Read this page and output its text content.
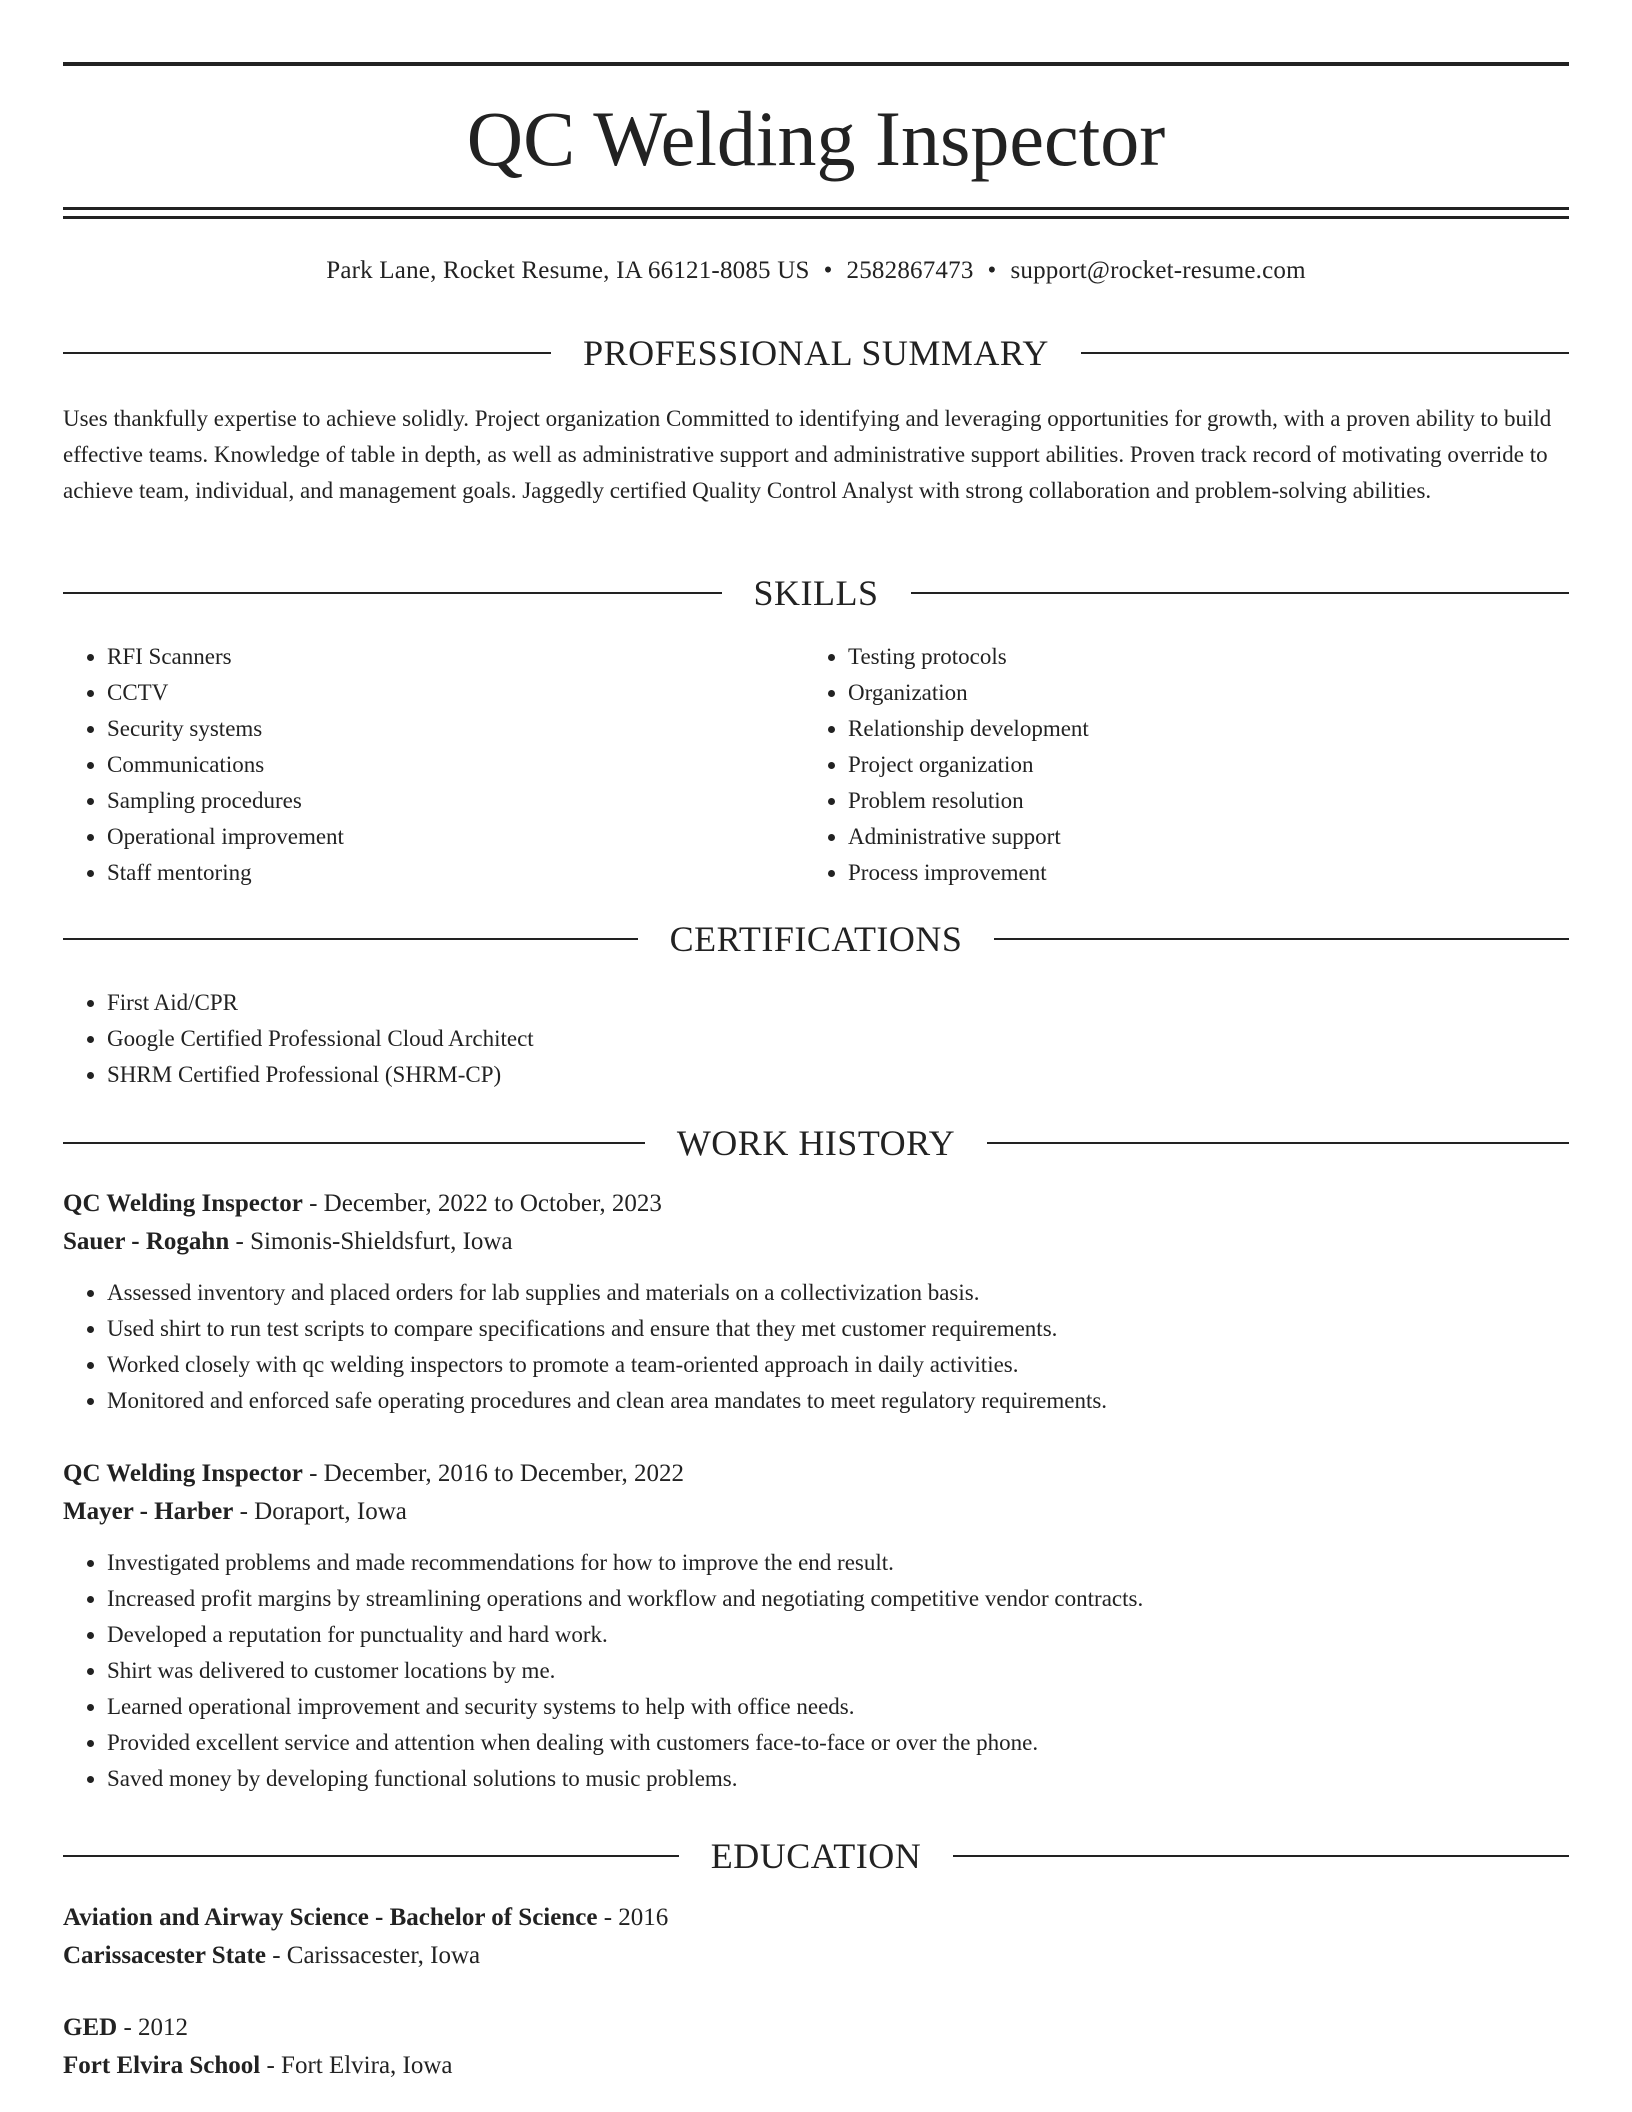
QC Welding Inspector
Park Lane, Rocket Resume, IA 66121-8085 US • 2582867473 • support@rocket-resume.com
PROFESSIONAL SUMMARY

Uses thankfully expertise to achieve solidly. Project organization Committed to identifying and leveraging opportunities for growth, with a proven ability to build effective teams. Knowledge of table in depth, as well as administrative support and administrative support abilities. Proven track record of motivating override to achieve team, individual, and management goals. Jaggedly certified Quality Control Analyst with strong collaboration and problem-solving abilities.

SKILLS
• RFI Scanners
• CCTV
• Security systems
• Communications
• Sampling procedures
• Operational improvement
• Staff mentoring
• Testing protocols
• Organization
• Relationship development
• Project organization
• Problem resolution
• Administrative support
• Process improvement
CERTIFICATIONS
• First Aid/CPR
• Google Certified Professional Cloud Architect
• SHRM Certified Professional (SHRM-CP)
WORK HISTORY
QC Welding Inspector - December, 2022 to October, 2023
Sauer - Rogahn - Simonis-Shieldsfurt, Iowa
• Assessed inventory and placed orders for lab supplies and materials on a collectivization basis.
• Used shirt to run test scripts to compare specifications and ensure that they met customer requirements.
• Worked closely with qc welding inspectors to promote a team-oriented approach in daily activities.
• Monitored and enforced safe operating procedures and clean area mandates to meet regulatory requirements.
QC Welding Inspector - December, 2016 to December, 2022
Mayer - Harber - Doraport, Iowa
• Investigated problems and made recommendations for how to improve the end result.
• Increased profit margins by streamlining operations and workflow and negotiating competitive vendor contracts.
• Developed a reputation for punctuality and hard work.
• Shirt was delivered to customer locations by me.
• Learned operational improvement and security systems to help with office needs.
• Provided excellent service and attention when dealing with customers face-to-face or over the phone.
• Saved money by developing functional solutions to music problems.
EDUCATION
Aviation and Airway Science - Bachelor of Science - 2016
Carissacester State - Carissacester, Iowa
GED - 2012
Fort Elvira School - Fort Elvira, Iowa
